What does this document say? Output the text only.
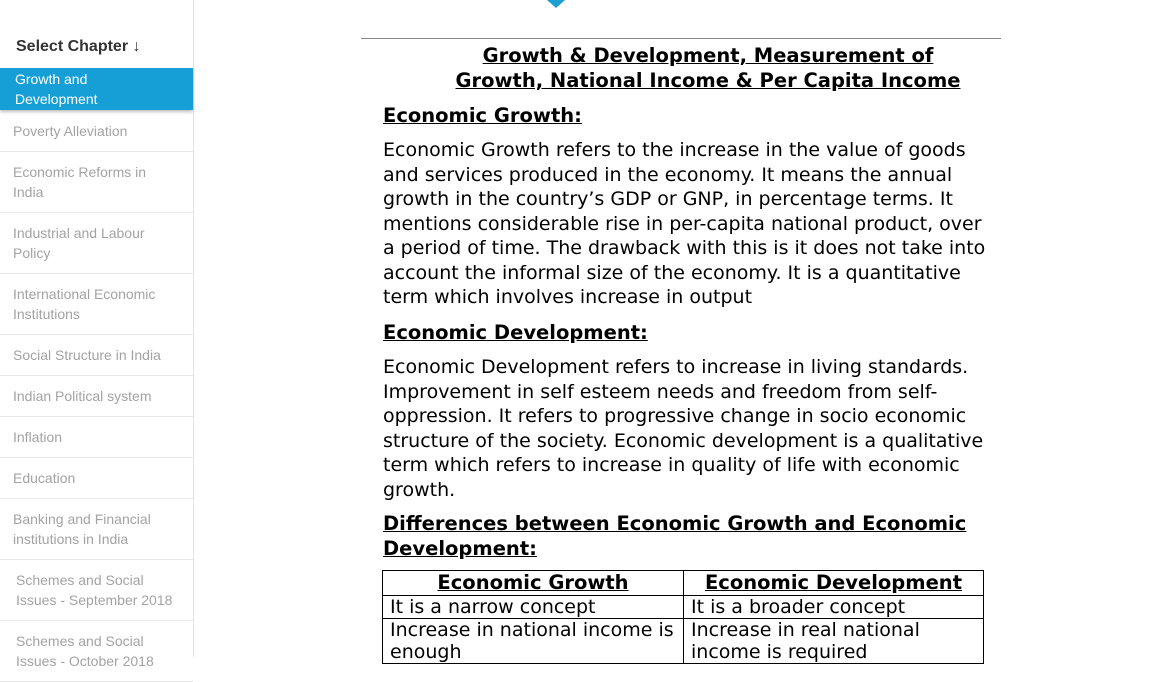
Select Chapter ↓
Growth and Development
Poverty Alleviation
Economic Reforms in India
Industrial and Labour Policy
International Economic Institutions
Social Structure in India
Indian Political system
Inflation
Education
Banking and Financial institutions in India
Schemes and Social Issues - September 2018
Schemes and Social Issues - October 2018
Growth & Development, Measurement of Growth, National Income & Per Capita Income
Economic Growth:
Economic Growth refers to the increase in the value of goods and services produced in the economy. It means the annual growth in the country’s GDP or GNP, in percentage terms. It mentions considerable rise in per-capita national product, over a period of time. The drawback with this is it does not take into account the informal size of the economy. It is a quantitative term which involves increase in output
Economic Development:
Economic Development refers to increase in living standards. Improvement in self esteem needs and freedom from self-oppression. It refers to progressive change in socio economic structure of the society. Economic development is a qualitative term which refers to increase in quality of life with economic growth.
Differences between Economic Growth and Economic Development:
Economic Growth	Economic Development
It is a narrow concept	It is a broader concept
Increase in national income is enough	Increase in real national income is required
